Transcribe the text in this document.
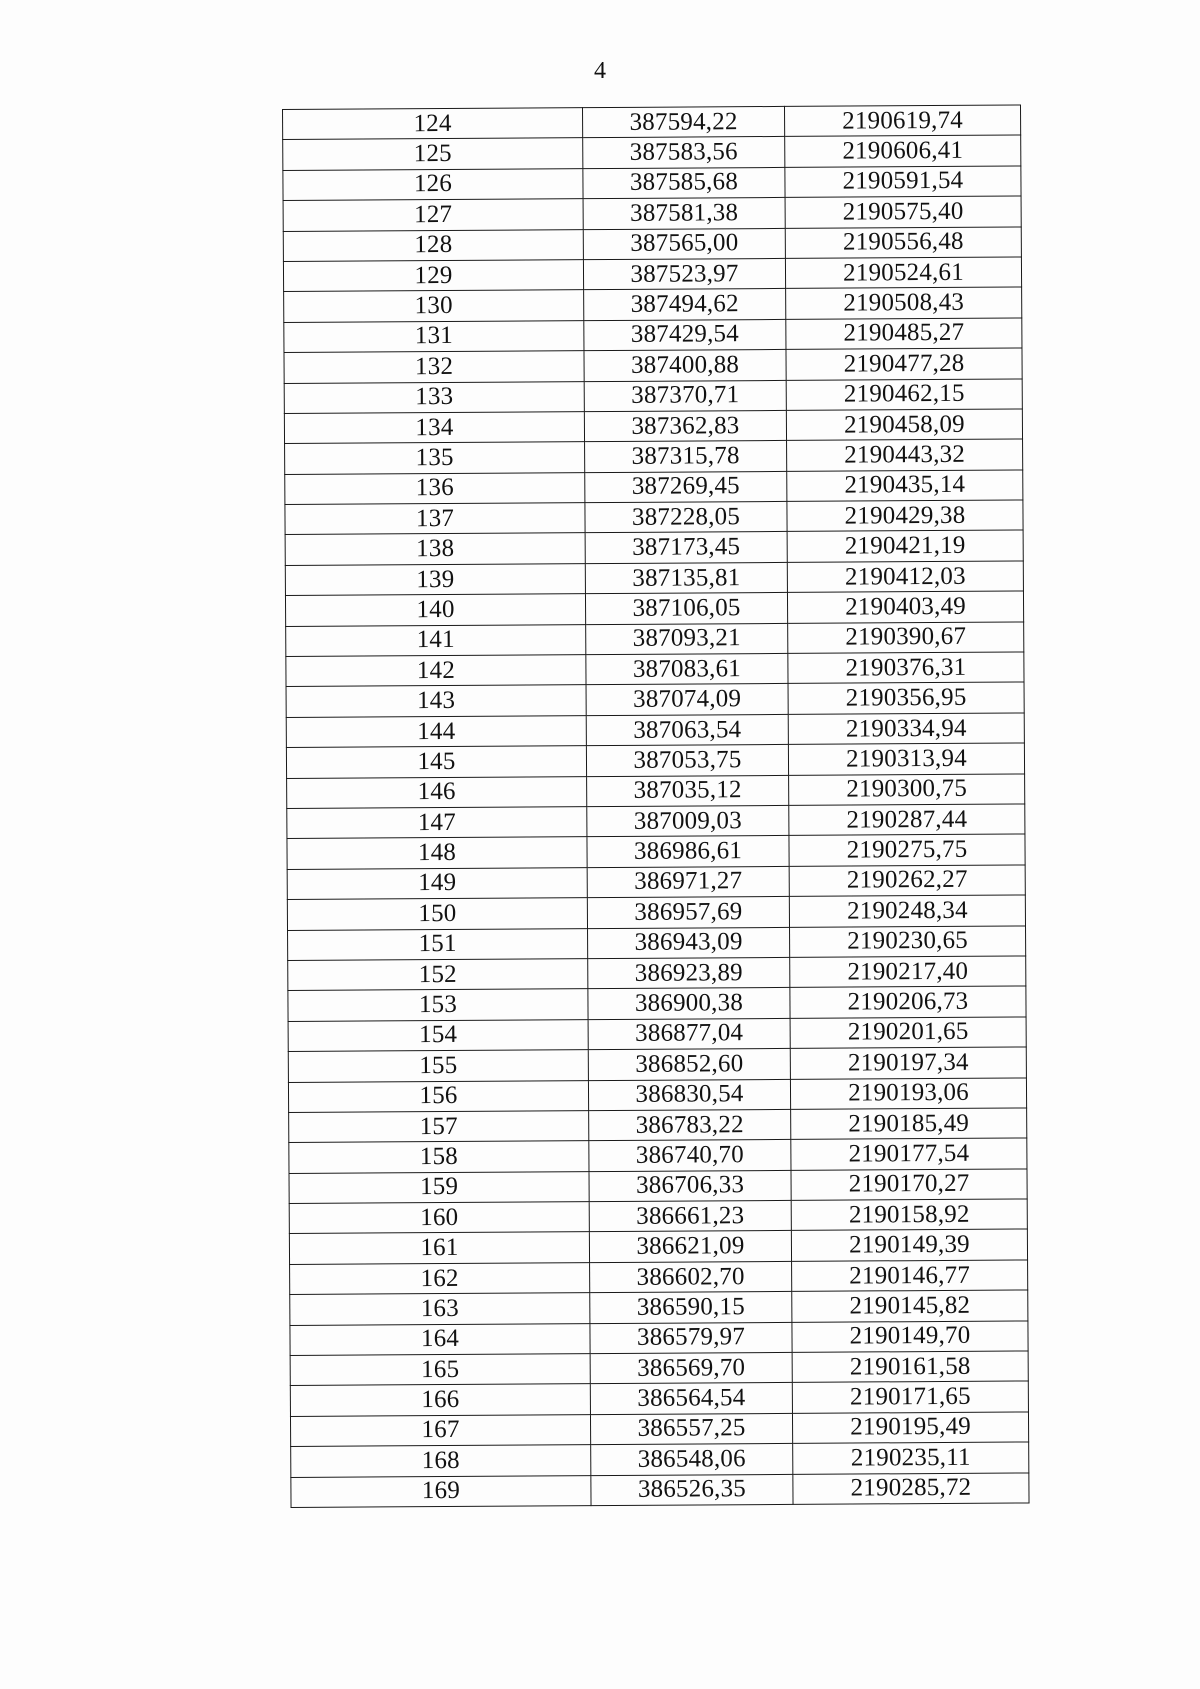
4
124	387594,22	2190619,74
125	387583,56	2190606,41
126	387585,68	2190591,54
127	387581,38	2190575,40
128	387565,00	2190556,48
129	387523,97	2190524,61
130	387494,62	2190508,43
131	387429,54	2190485,27
132	387400,88	2190477,28
133	387370,71	2190462,15
134	387362,83	2190458,09
135	387315,78	2190443,32
136	387269,45	2190435,14
137	387228,05	2190429,38
138	387173,45	2190421,19
139	387135,81	2190412,03
140	387106,05	2190403,49
141	387093,21	2190390,67
142	387083,61	2190376,31
143	387074,09	2190356,95
144	387063,54	2190334,94
145	387053,75	2190313,94
146	387035,12	2190300,75
147	387009,03	2190287,44
148	386986,61	2190275,75
149	386971,27	2190262,27
150	386957,69	2190248,34
151	386943,09	2190230,65
152	386923,89	2190217,40
153	386900,38	2190206,73
154	386877,04	2190201,65
155	386852,60	2190197,34
156	386830,54	2190193,06
157	386783,22	2190185,49
158	386740,70	2190177,54
159	386706,33	2190170,27
160	386661,23	2190158,92
161	386621,09	2190149,39
162	386602,70	2190146,77
163	386590,15	2190145,82
164	386579,97	2190149,70
165	386569,70	2190161,58
166	386564,54	2190171,65
167	386557,25	2190195,49
168	386548,06	2190235,11
169	386526,35	2190285,72
